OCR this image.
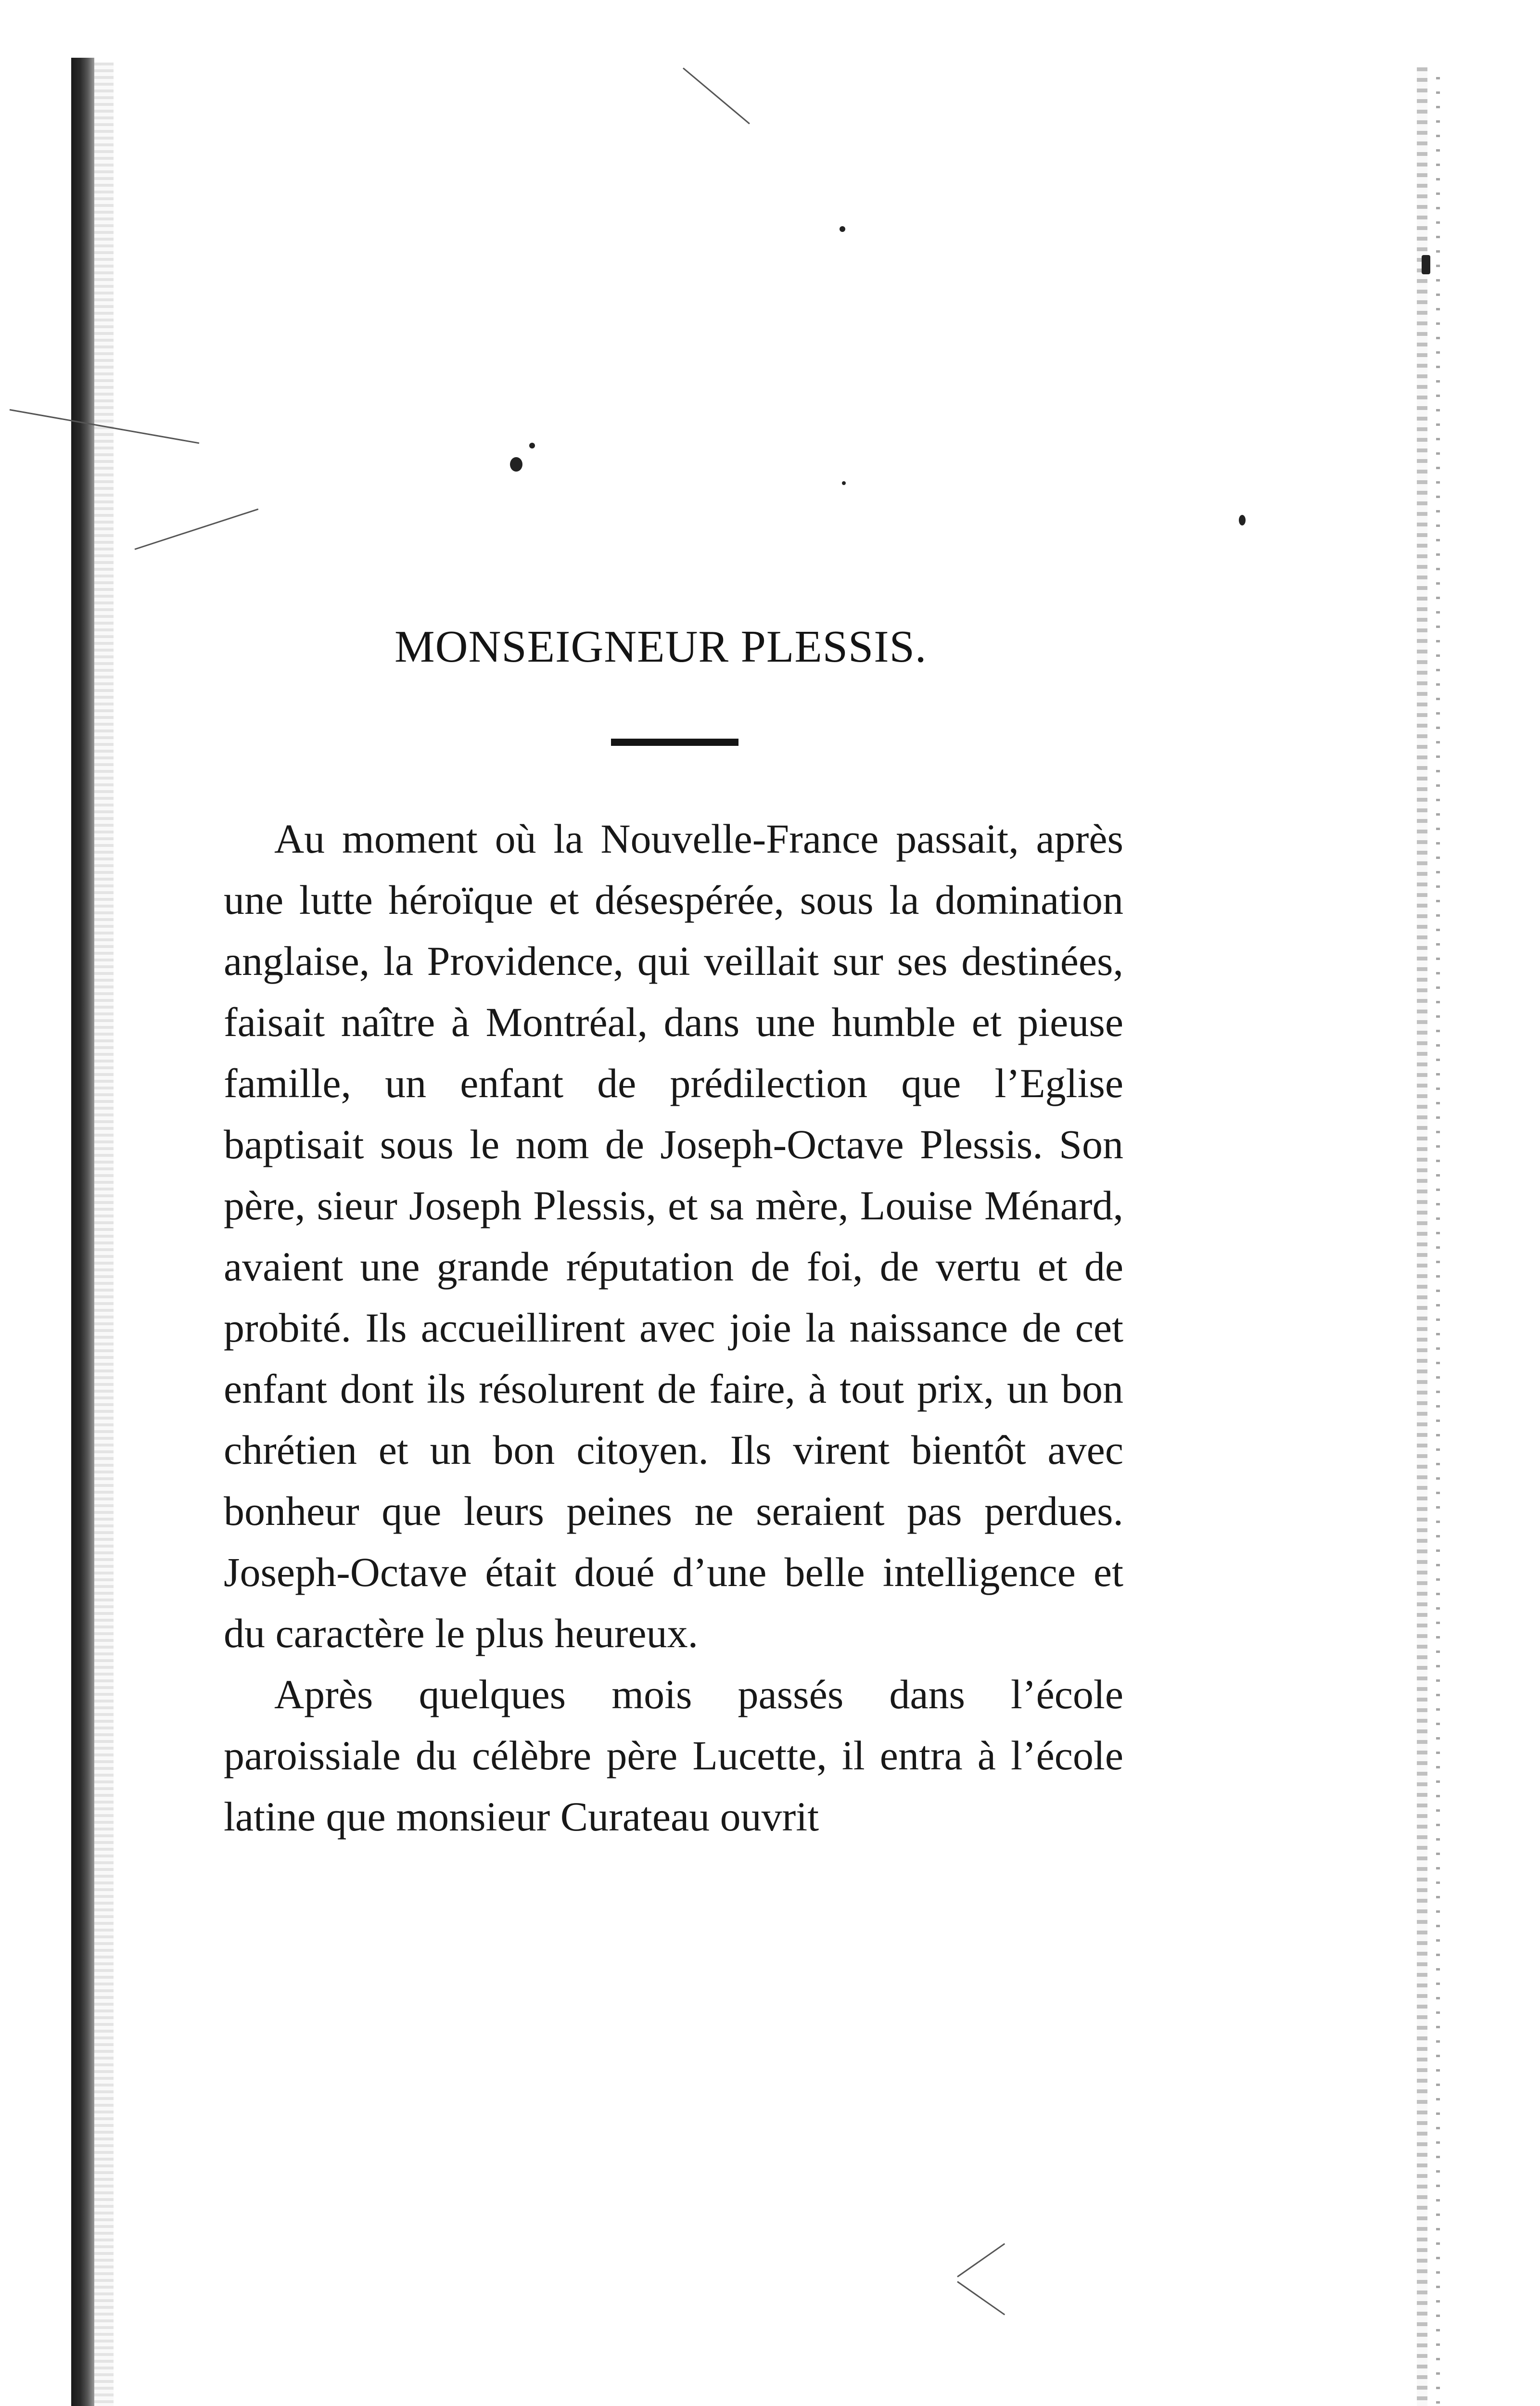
MONSEIGNEUR PLESSIS.

Au moment où la Nouvelle-France passait, après une lutte héroïque et désespérée, sous la domination anglaise, la Providence, qui veillait sur ses destinées, faisait naître à Montréal, dans une humble et pieuse famille, un enfant de prédilection que l’Eglise baptisait sous le nom de Joseph-Octave Plessis. Son père, sieur Joseph Plessis, et sa mère, Louise Ménard, avaient une grande réputation de foi, de vertu et de probité. Ils accueillirent avec joie la naissance de cet enfant dont ils résolurent de faire, à tout prix, un bon chrétien et un bon citoyen. Ils virent bientôt avec bonheur que leurs peines ne seraient pas perdues. Joseph-Octave était doué d’une belle intelligence et du caractère le plus heureux.

Après quelques mois passés dans l’école paroissiale du célèbre père Lucette, il entra à l’école latine que monsieur Curateau ouvrit
